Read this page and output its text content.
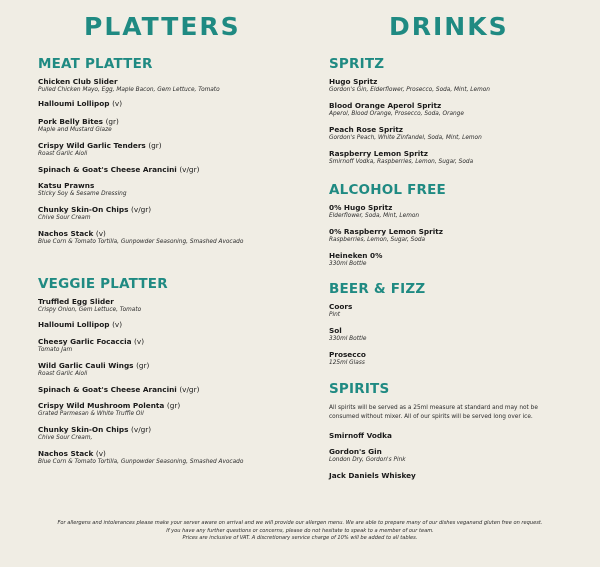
PLATTERS	DRINKS
MEAT PLATTER
Chicken Club Slider
Pulled Chicken Mayo, Egg, Maple Bacon, Gem Lettuce, Tomato
Halloumi Lollipop (v)
Pork Belly Bites (gr)
Maple and Mustard Glaze
Crispy Wild Garlic Tenders (gr)
Roast Garlic Aioli
Spinach & Goat's Cheese Arancini (v/gr)
Katsu Prawns
Sticky Soy & Sesame Dressing
Chunky Skin-On Chips (v/gr)
Chive Sour Cream
Nachos Stack (v)
Blue Corn & Tomato Tortilla, Gunpowder Seasoning, Smashed Avocado
VEGGIE PLATTER
Truffled Egg Slider
Crispy Onion, Gem Lettuce, Tomato
Halloumi Lollipop (v)
Cheesy Garlic Focaccia (v)
Tomato Jam
Wild Garlic Cauli Wings (gr)
Roast Garlic Aioli
Spinach & Goat's Cheese Arancini (v/gr)
Crispy Wild Mushroom Polenta (gr)
Grated Parmesan & White Truffle Oil
Chunky Skin-On Chips (v/gr)
Chive Sour Cream,
Nachos Stack (v)
Blue Corn & Tomato Tortilla, Gunpowder Seasoning, Smashed Avocado
SPRITZ
Hugo Spritz
Gordon's Gin, Elderflower, Prosecco, Soda, Mint, Lemon
Blood Orange Aperol Spritz
Aperol, Blood Orange, Prosecco, Soda, Orange
Peach Rose Spritz
Gordon's Peach, White Zinfandel, Soda, Mint, Lemon
Raspberry Lemon Spritz
Smirnoff Vodka, Raspberries, Lemon, Sugar, Soda
ALCOHOL FREE
0% Hugo Spritz
Elderflower, Soda, Mint, Lemon
0% Raspberry Lemon Spritz
Raspberries, Lemon, Sugar, Soda
Heineken 0%
330ml Bottle
BEER & FIZZ
Coors
Pint
Sol
330ml Bottle
Prosecco
125ml Glass
SPIRITS
All spirits will be served as a 25ml measure at standard and may not be consumed without mixer. All of our spirits will be served long over ice.
Smirnoff Vodka
Gordon's Gin
London Dry, Gordon's Pink
Jack Daniels Whiskey
For allergens and intolerances please make your server aware on arrival and we will provide our allergen menu. We are able to prepare many of our dishes veganand gluten free on request.
If you have any further questions or concerns, please do not hesitate to speak to a member of our team.
Prices are inclusive of VAT. A discretionary service charge of 10% will be added to all tables.
